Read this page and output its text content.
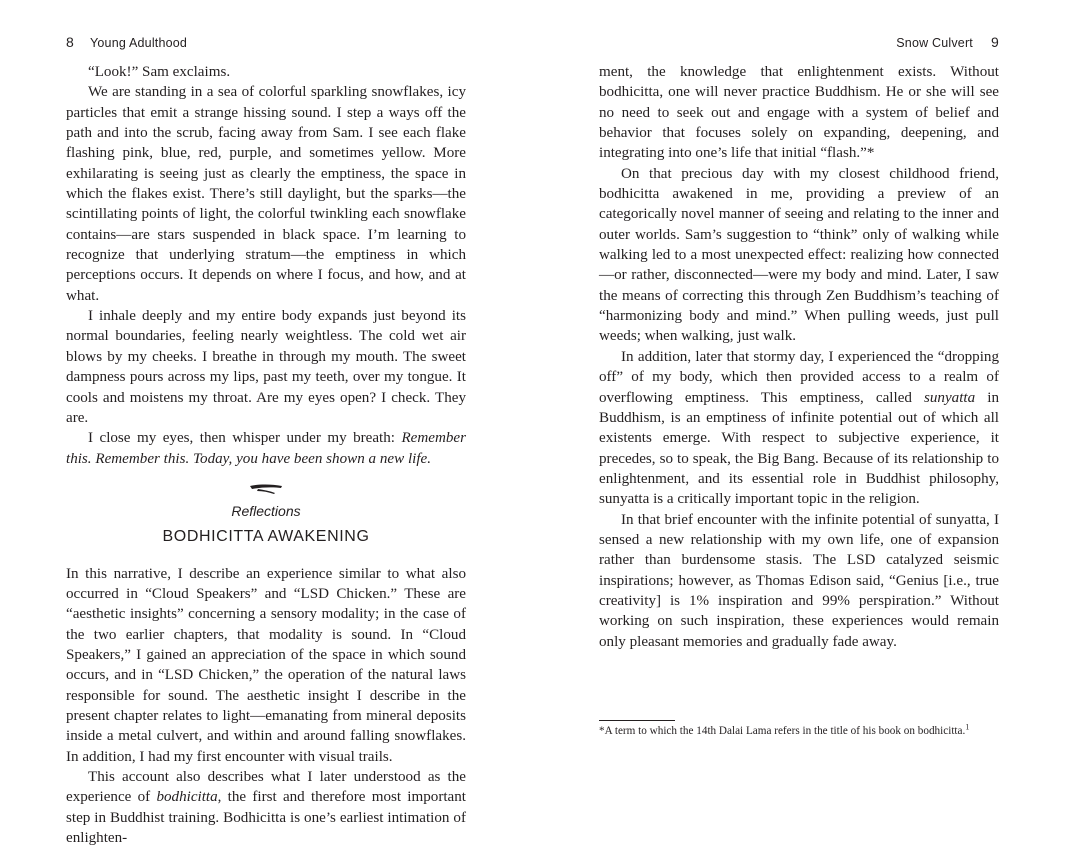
8 Young Adulthood

“Look!” Sam exclaims.

We are standing in a sea of colorful sparkling snowflakes, icy particles that emit a strange hissing sound. I step a ways off the path and into the scrub, facing away from Sam. I see each flake flashing pink, blue, red, purple, and sometimes yellow. More exhilarating is seeing just as clearly the emptiness, the space in which the flakes exist. There’s still daylight, but the sparks—the scintillating points of light, the colorful twinkling each snowflake contains—are stars suspended in black space. I’m learning to recognize that underlying stratum—the emptiness in which perceptions occurs. It depends on where I focus, and how, and at what.

I inhale deeply and my entire body expands just beyond its normal boundaries, feeling nearly weightless. The cold wet air blows by my cheeks. I breathe in through my mouth. The sweet dampness pours across my lips, past my teeth, over my tongue. It cools and moistens my throat. Are my eyes open? I check. They are.

I close my eyes, then whisper under my breath: Remember this. Remember this. Today, you have been shown a new life.

Reflections
BODHICITTA AWAKENING

In this narrative, I describe an experience similar to what also occurred in “Cloud Speakers” and “LSD Chicken.” These are “aesthetic insights” concerning a sensory modality; in the case of the two earlier chapters, that modality is sound. In “Cloud Speakers,” I gained an appreciation of the space in which sound occurs, and in “LSD Chicken,” the operation of the natural laws responsible for sound. The aesthetic insight I describe in the present chapter relates to light—emanating from mineral deposits inside a metal culvert, and within and around falling snowflakes. In addition, I had my first encounter with visual trails.

This account also describes what I later understood as the experience of bodhicitta, the first and therefore most important step in Buddhist training. Bodhicitta is one’s earliest intimation of enlighten-

Snow Culvert 9

ment, the knowledge that enlightenment exists. Without bodhicitta, one will never practice Buddhism. He or she will see no need to seek out and engage with a system of belief and behavior that focuses solely on expanding, deepening, and integrating into one’s life that initial “flash.”*

On that precious day with my closest childhood friend, bodhicitta awakened in me, providing a preview of an categorically novel manner of seeing and relating to the inner and outer worlds. Sam’s suggestion to “think” only of walking while walking led to a most unexpected effect: realizing how connected—or rather, disconnected—were my body and mind. Later, I saw the means of correcting this through Zen Buddhism’s teaching of “harmonizing body and mind.” When pulling weeds, just pull weeds; when walking, just walk.

In addition, later that stormy day, I experienced the “dropping off” of my body, which then provided access to a realm of overflowing emptiness. This emptiness, called sunyatta in Buddhism, is an emptiness of infinite potential out of which all existents emerge. With respect to subjective experience, it precedes, so to speak, the Big Bang. Because of its relationship to enlightenment, and its essential role in Buddhist philosophy, sunyatta is a critically important topic in the religion.

In that brief encounter with the infinite potential of sunyatta, I sensed a new relationship with my own life, one of expansion rather than burdensome stasis. The LSD catalyzed seismic inspirations; however, as Thomas Edison said, “Genius [i.e., true creativity] is 1% inspiration and 99% perspiration.” Without working on such inspiration, these experiences would remain only pleasant memories and gradually fade away.

*A term to which the 14th Dalai Lama refers in the title of his book on bodhicitta.$^1$
